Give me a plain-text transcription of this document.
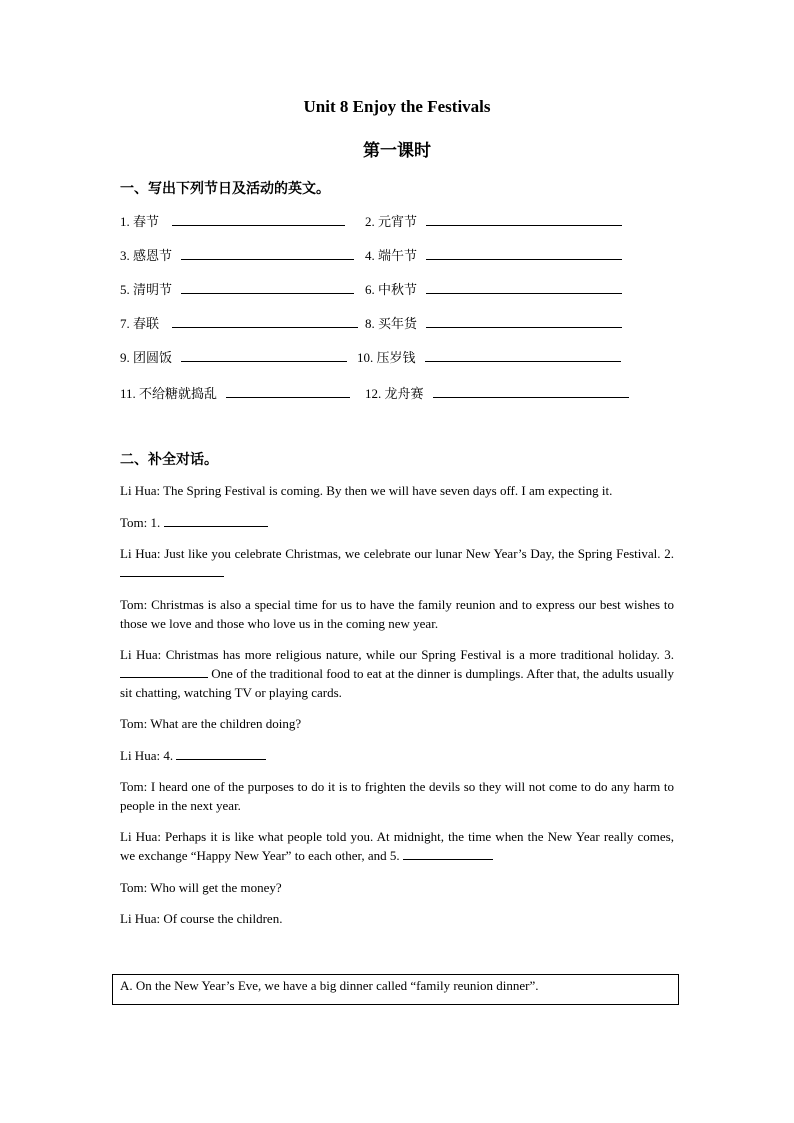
Unit 8 Enjoy the Festivals
第一课时
一、写出下列节日及活动的英文。
1. 春节	2. 元宵节
3. 感恩节	4. 端午节
5. 清明节	6. 中秋节
7. 春联	8. 买年货
9. 团圆饭	10. 压岁钱
11. 不给糖就捣乱	12. 龙舟赛
二、补全对话。
Li Hua: The Spring Festival is coming. By then we will have seven days off. I am expecting it.
Tom: 1.
Li Hua: Just like you celebrate Christmas, we celebrate our lunar New Year’s Day, the Spring Festival. 2.
Tom: Christmas is also a special time for us to have the family reunion and to express our best wishes to those we love and those who love us in the coming new year.
Li Hua: Christmas has more religious nature, while our Spring Festival is a more traditional holiday. 3.  One of the traditional food to eat at the dinner is dumplings. After that, the adults usually sit chatting, watching TV or playing cards.
Tom: What are the children doing?
Li Hua: 4.
Tom: I heard one of the purposes to do it is to frighten the devils so they will not come to do any harm to people in the next year.
Li Hua: Perhaps it is like what people told you. At midnight, the time when the New Year really comes, we exchange “Happy New Year” to each other, and 5.
Tom: Who will get the money?
Li Hua: Of course the children.
A. On the New Year’s Eve, we have a big dinner called “family reunion dinner”.
